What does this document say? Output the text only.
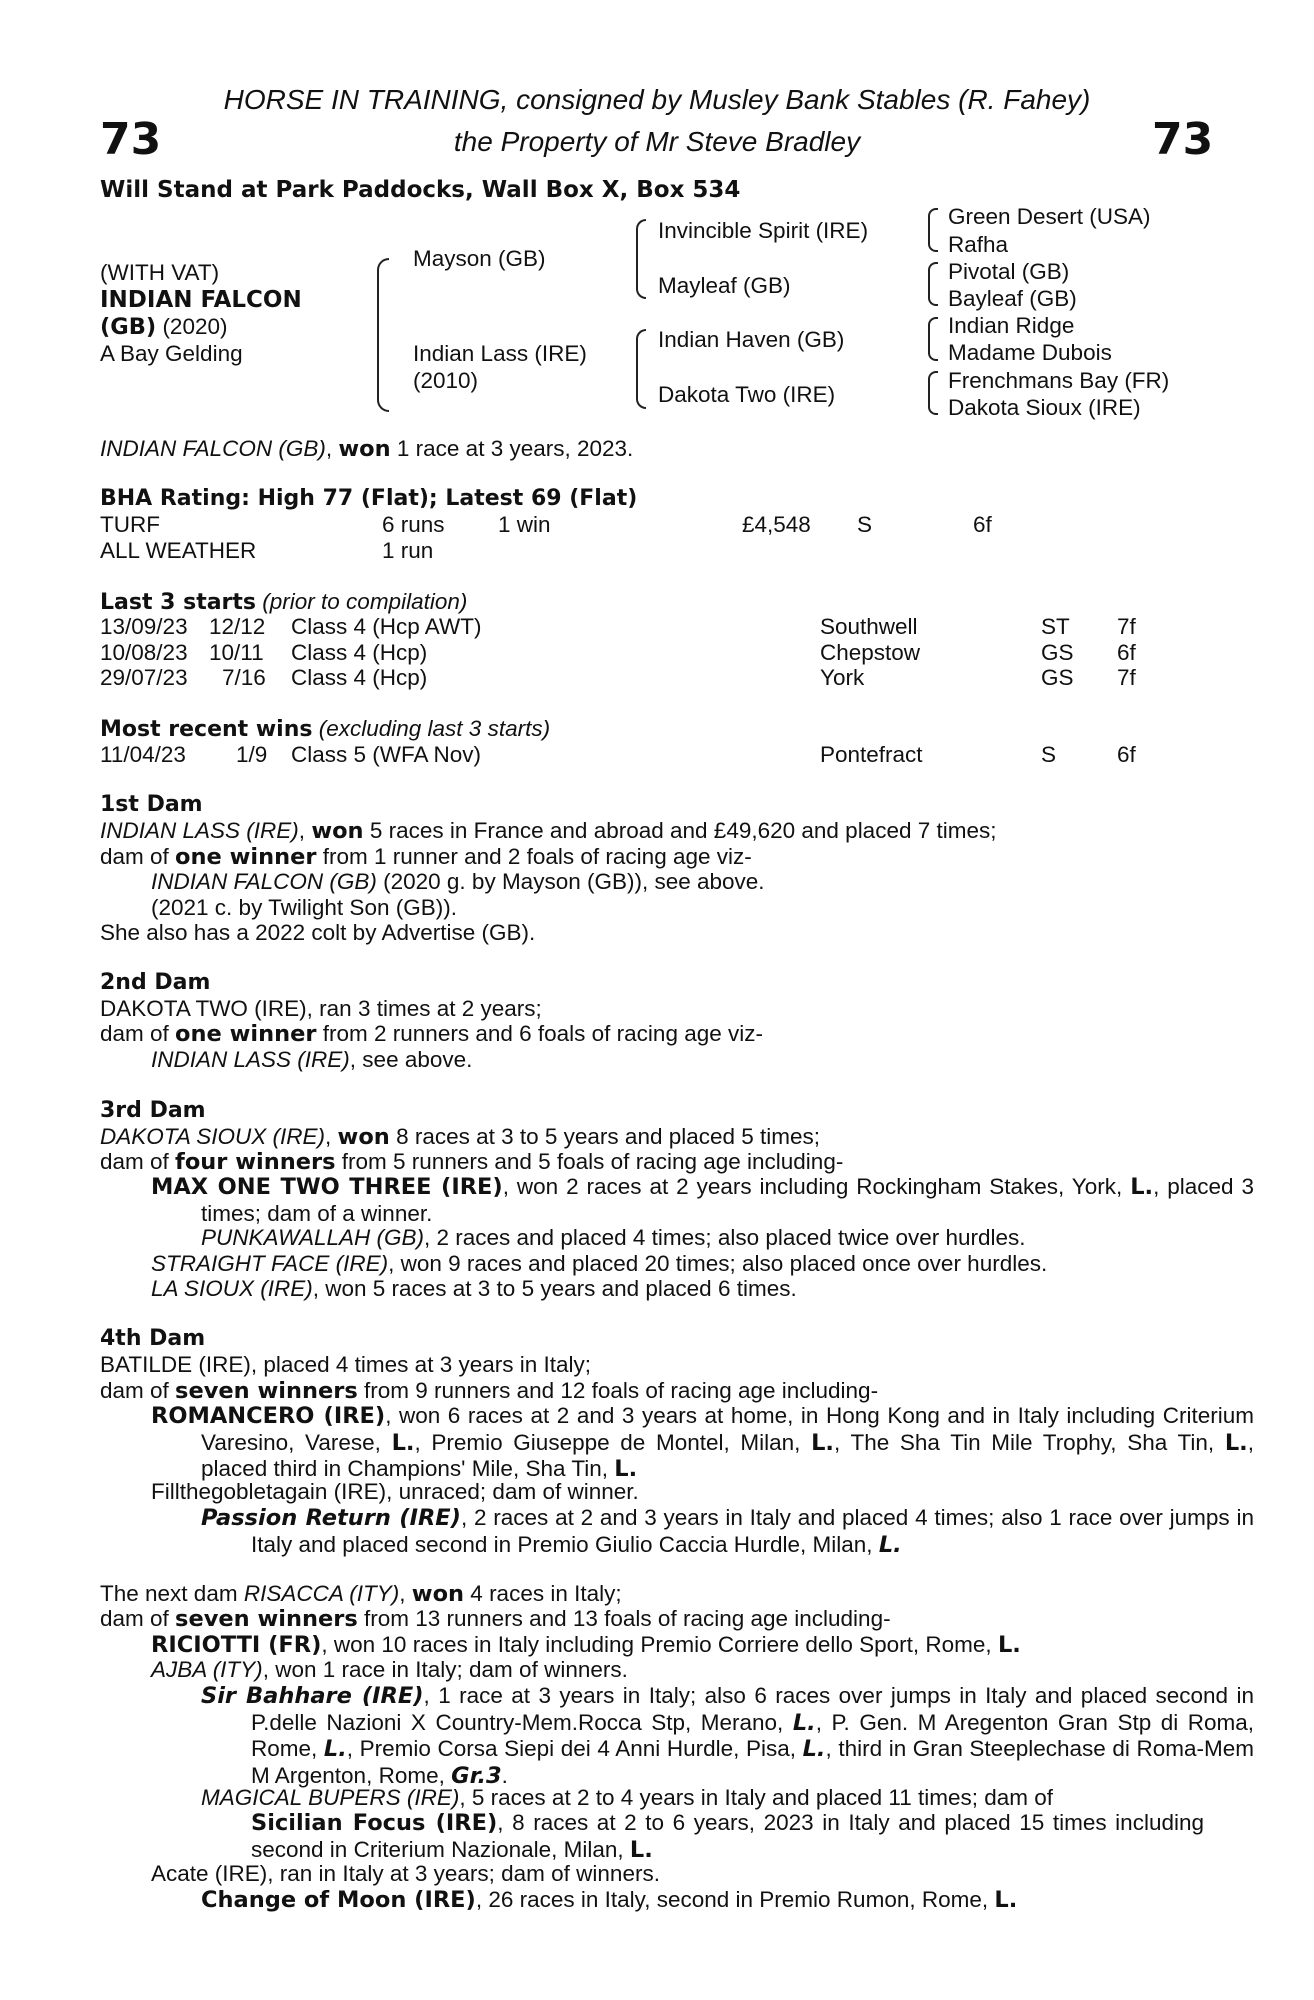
HORSE IN TRAINING, consigned by Musley Bank Stables (R. Fahey)
the Property of Mr Steve Bradley
73	73
Will Stand at Park Paddocks, Wall Box X, Box 534
(WITH VAT)
INDIAN FALCON
(GB) (2020)
A Bay Gelding
Mayson (GB)
Indian Lass (IRE)
(2010)
Invincible Spirit (IRE)
Mayleaf (GB)
Indian Haven (GB)
Dakota Two (IRE)
Green Desert (USA)
Rafha
Pivotal (GB)
Bayleaf (GB)
Indian Ridge
Madame Dubois
Frenchmans Bay (FR)
Dakota Sioux (IRE)
INDIAN FALCON (GB), won 1 race at 3 years, 2023.
BHA Rating: High 77 (Flat); Latest 69 (Flat)
TURF	6 runs 1 win	£4,548 S	6f
ALL WEATHER	1 run
Last 3 starts (prior to compilation)
13/09/23 12/12 Class 4 (Hcp AWT)	Southwell	ST 7f
10/08/23 10/11 Class 4 (Hcp)	Chepstow	GS 6f
29/07/23 7/16 Class 4 (Hcp)	York	GS 7f
Most recent wins (excluding last 3 starts)
11/04/23 1/9 Class 5 (WFA Nov)	Pontefract	S	6f
1st Dam
INDIAN LASS (IRE), won 5 races in France and abroad and £49,620 and placed 7 times;
dam of one winner from 1 runner and 2 foals of racing age viz-
INDIAN FALCON (GB) (2020 g. by Mayson (GB)), see above.
(2021 c. by Twilight Son (GB)).
She also has a 2022 colt by Advertise (GB).
2nd Dam
DAKOTA TWO (IRE), ran 3 times at 2 years;
dam of one winner from 2 runners and 6 foals of racing age viz-
INDIAN LASS (IRE), see above.
3rd Dam
DAKOTA SIOUX (IRE), won 8 races at 3 to 5 years and placed 5 times;
dam of four winners from 5 runners and 5 foals of racing age including-
MAX ONE TWO THREE (IRE), won 2 races at 2 years including Rockingham Stakes, York, L., placed 3 times; dam of a winner.
PUNKAWALLAH (GB), 2 races and placed 4 times; also placed twice over hurdles.
STRAIGHT FACE (IRE), won 9 races and placed 20 times; also placed once over hurdles.
LA SIOUX (IRE), won 5 races at 3 to 5 years and placed 6 times.
4th Dam
BATILDE (IRE), placed 4 times at 3 years in Italy;
dam of seven winners from 9 runners and 12 foals of racing age including-
ROMANCERO (IRE), won 6 races at 2 and 3 years at home, in Hong Kong and in Italy including Criterium Varesino, Varese, L., Premio Giuseppe de Montel, Milan, L., The Sha Tin Mile Trophy, Sha Tin, L., placed third in Champions' Mile, Sha Tin, L.
Fillthegobletagain (IRE), unraced; dam of winner.
Passion Return (IRE), 2 races at 2 and 3 years in Italy and placed 4 times; also 1 race over jumps in Italy and placed second in Premio Giulio Caccia Hurdle, Milan, L.
The next dam RISACCA (ITY), won 4 races in Italy;
dam of seven winners from 13 runners and 13 foals of racing age including-
RICIOTTI (FR), won 10 races in Italy including Premio Corriere dello Sport, Rome, L.
AJBA (ITY), won 1 race in Italy; dam of winners.
Sir Bahhare (IRE), 1 race at 3 years in Italy; also 6 races over jumps in Italy and placed second in P.delle Nazioni X Country-Mem.Rocca Stp, Merano, L., P. Gen. M Aregenton Gran Stp di Roma, Rome, L., Premio Corsa Siepi dei 4 Anni Hurdle, Pisa, L., third in Gran Steeplechase di Roma-Mem M Argenton, Rome, Gr.3.
MAGICAL BUPERS (IRE), 5 races at 2 to 4 years in Italy and placed 11 times; dam of
Sicilian Focus (IRE), 8 races at 2 to 6 years, 2023 in Italy and placed 15 times including second in Criterium Nazionale, Milan, L.
Acate (IRE), ran in Italy at 3 years; dam of winners.
Change of Moon (IRE), 26 races in Italy, second in Premio Rumon, Rome, L.
